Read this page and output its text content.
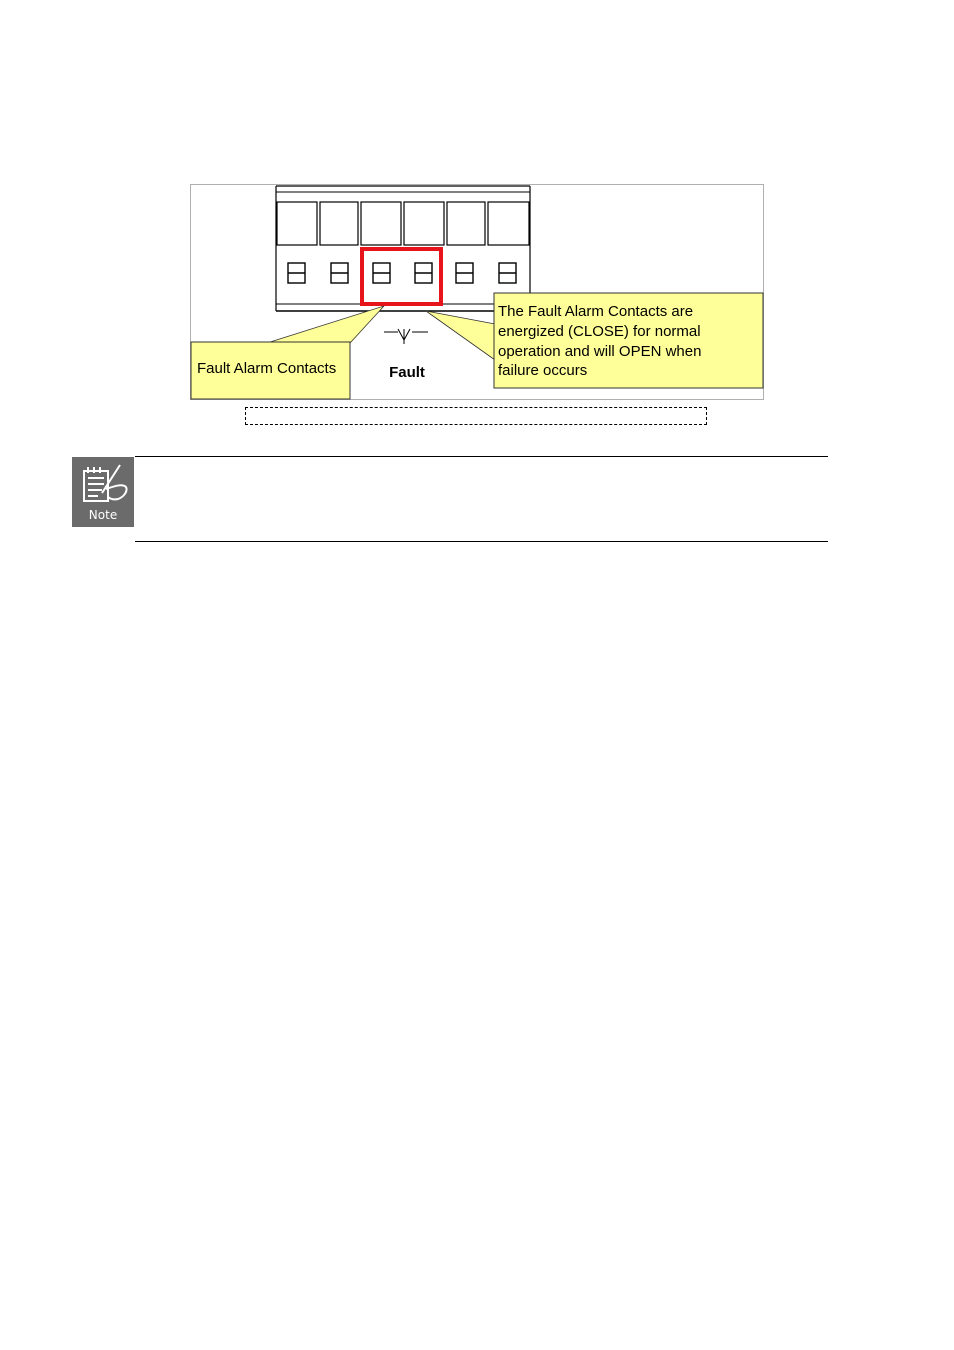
Fault
Fault Alarm Contacts
The Fault Alarm Contacts are energized (CLOSE) for normal operation and will OPEN when failure occurs
Note
